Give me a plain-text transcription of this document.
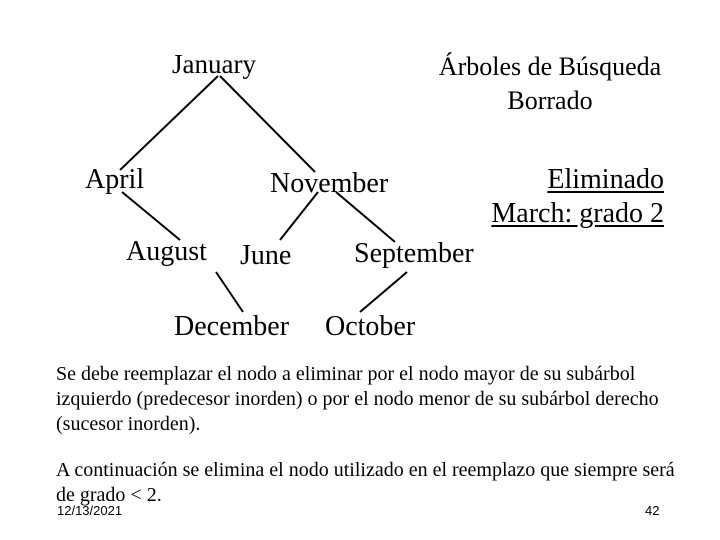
Árboles de Búsqueda
Borrado
January
April	November
August June September
December October
Eliminado
March: grado 2
Se debe reemplazar el nodo a eliminar por el nodo mayor de su subárbol izquierdo (predecesor inorden) o por el nodo menor de su subárbol derecho (sucesor inorden).
A continuación se elimina el nodo utilizado en el reemplazo que siempre será de grado < 2.
12/13/2021	42
